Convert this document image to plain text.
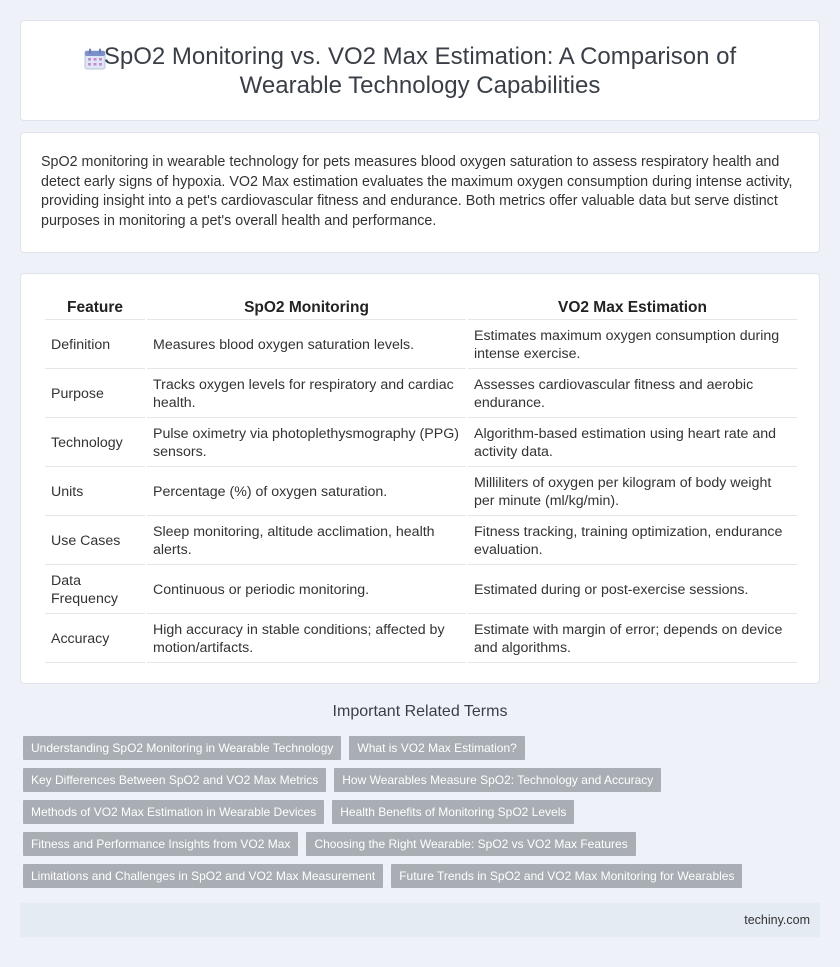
SpO2 Monitoring vs. VO2 Max Estimation: A Comparison of Wearable Technology Capabilities

SpO2 monitoring in wearable technology for pets measures blood oxygen saturation to assess respiratory health and detect early signs of hypoxia. VO2 Max estimation evaluates the maximum oxygen consumption during intense activity, providing insight into a pet's cardiovascular fitness and endurance. Both metrics offer valuable data but serve distinct purposes in monitoring a pet's overall health and performance.

Feature	SpO2 Monitoring	VO2 Max Estimation
Definition	Measures blood oxygen saturation levels.	Estimates maximum oxygen consumption during intense exercise.
Purpose	Tracks oxygen levels for respiratory and cardiac health.	Assesses cardiovascular fitness and aerobic endurance.
Technology	Pulse oximetry via photoplethysmography (PPG) sensors.	Algorithm-based estimation using heart rate and activity data.
Units	Percentage (%) of oxygen saturation.	Milliliters of oxygen per kilogram of body weight per minute (ml/kg/min).
Use Cases	Sleep monitoring, altitude acclimation, health alerts.	Fitness tracking, training optimization, endurance evaluation.
Data Frequency	Continuous or periodic monitoring.	Estimated during or post-exercise sessions.
Accuracy	High accuracy in stable conditions; affected by motion/artifacts.	Estimate with margin of error; depends on device and algorithms.
Important Related Terms
Understanding SpO2 Monitoring in Wearable Technology	What is VO2 Max Estimation?
Key Differences Between SpO2 and VO2 Max Metrics	How Wearables Measure SpO2: Technology and Accuracy
Methods of VO2 Max Estimation in Wearable Devices	Health Benefits of Monitoring SpO2 Levels
Fitness and Performance Insights from VO2 Max	Choosing the Right Wearable: SpO2 vs VO2 Max Features
Limitations and Challenges in SpO2 and VO2 Max Measurement	Future Trends in SpO2 and VO2 Max Monitoring for Wearables
techiny.com
